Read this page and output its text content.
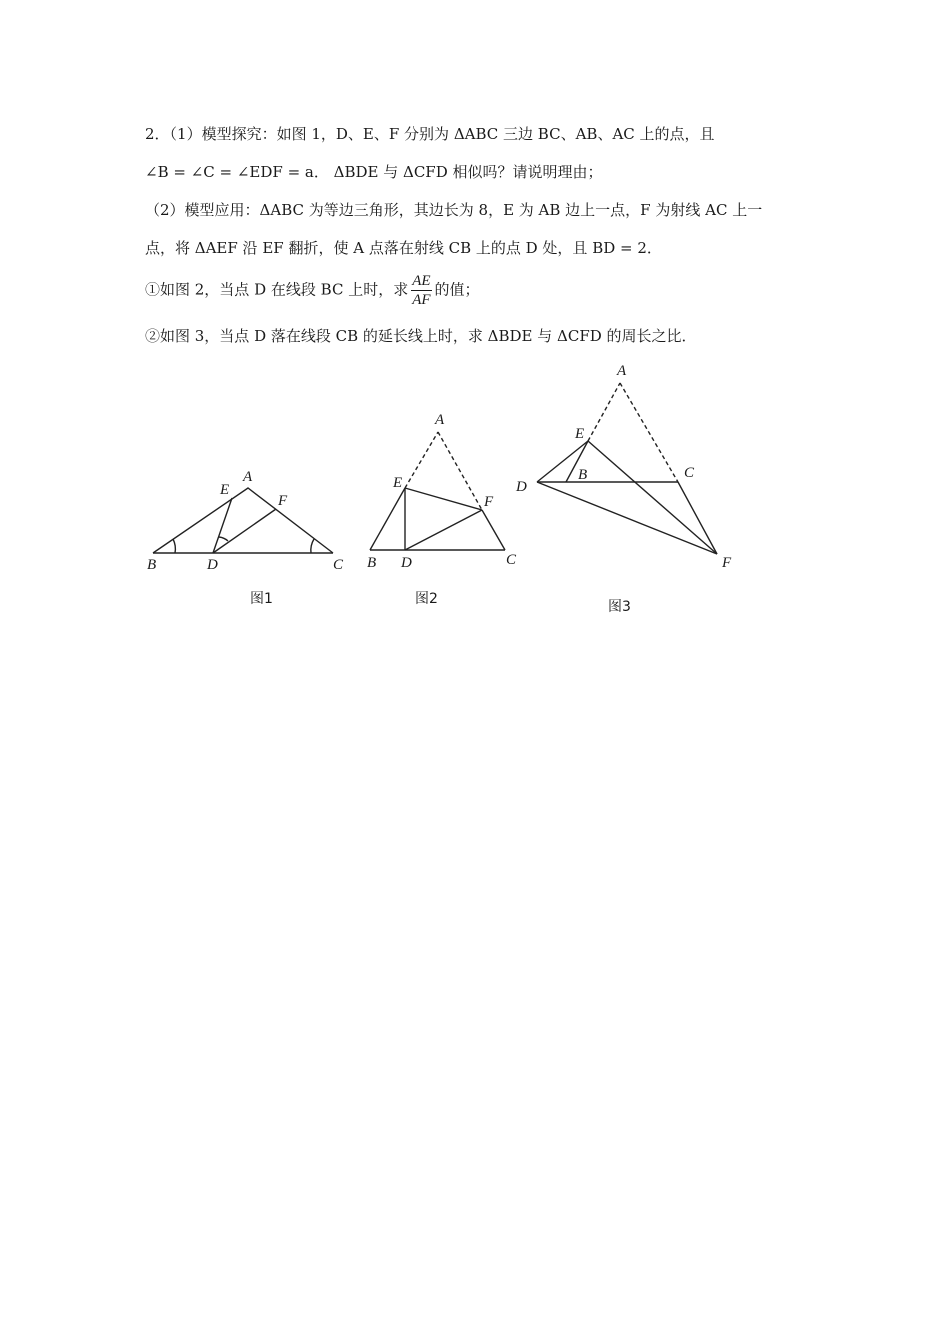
2．（1）模型探究：如图 1，D、E、F 分别为 ΔABC 三边 BC、AB、AC 上的点，且
∠B = ∠C = ∠EDF = a． ΔBDE 与 ΔCFD 相似吗？请说明理由；
（2）模型应用：ΔABC 为等边三角形，其边长为 8，E 为 AB 边上一点，F 为射线 AC 上一
点，将 ΔAEF 沿 EF 翻折，使 A 点落在射线 CB 上的点 D 处，且 BD = 2．
①如图 2，当点 D 在线段 BC 上时，求 $\frac{AE}{AF}$ 的值；
②如图 3，当点 D 落在线段 CB 的延长线上时，求 ΔBDE 与 ΔCFD 的周长之比．
A
E
F
B	D	C
图1
A
E
F
B D	C
图2
A
E
B	C
D
F
图3
